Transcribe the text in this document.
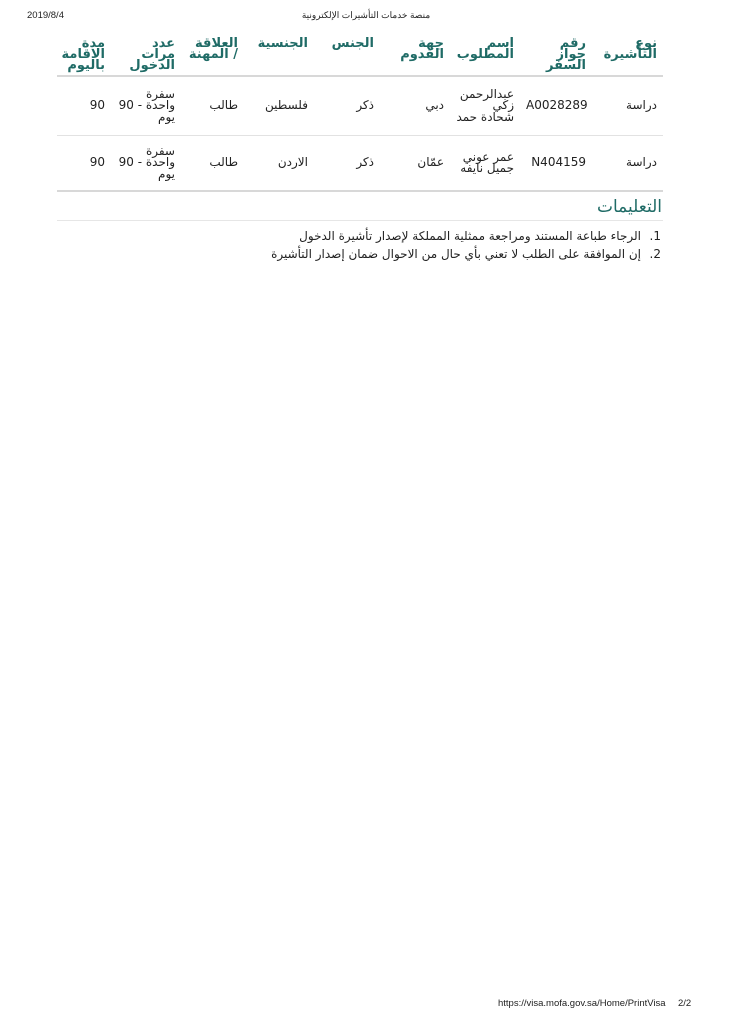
2019/8/4	منصة خدمات التأشيرات الإلكترونية
نوع التأشيرة	رقم جواز السفر	اسم المطلوب	جهة القدوم	الجنس	الجنسية	العلاقة / المهنة	عدد مرات الدخول	مدة الاقامة باليوم
دراسة	A0028289	عبدالرحمن زكي شحادة حمد	دبي	ذكر	فلسطين	طالب	سفرة واحدة - 90 يوم	90
دراسة	N404159	عمر عوني جميل نايفه	عمّان	ذكر	الاردن	طالب	سفرة واحدة - 90 يوم	90
التعليمات
1.
الرجاء طباعة المستند ومراجعة ممثلية المملكة لإصدار تأشيرة الدخول
2.
إن الموافقة على الطلب لا تعني بأي حال من الاحوال ضمان إصدار التأشيرة
https://visa.mofa.gov.sa/Home/PrintVisa 2/2
